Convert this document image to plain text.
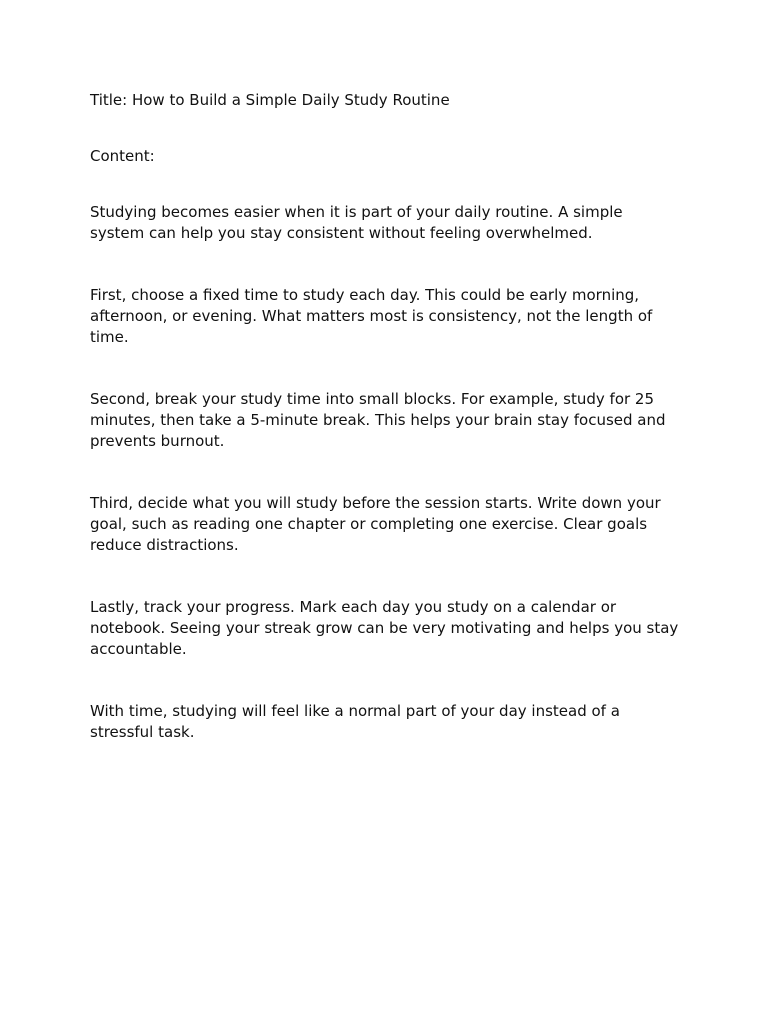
Title: How to Build a Simple Daily Study Routine

Content:

Studying becomes easier when it is part of your daily routine. A simple system can help you stay consistent without feeling overwhelmed.

First, choose a fixed time to study each day. This could be early morning, afternoon, or evening. What matters most is consistency, not the length of time.

Second, break your study time into small blocks. For example, study for 25 minutes, then take a 5-minute break. This helps your brain stay focused and prevents burnout.

Third, decide what you will study before the session starts. Write down your goal, such as reading one chapter or completing one exercise. Clear goals reduce distractions.

Lastly, track your progress. Mark each day you study on a calendar or notebook. Seeing your streak grow can be very motivating and helps you stay accountable.

With time, studying will feel like a normal part of your day instead of a stressful task.
